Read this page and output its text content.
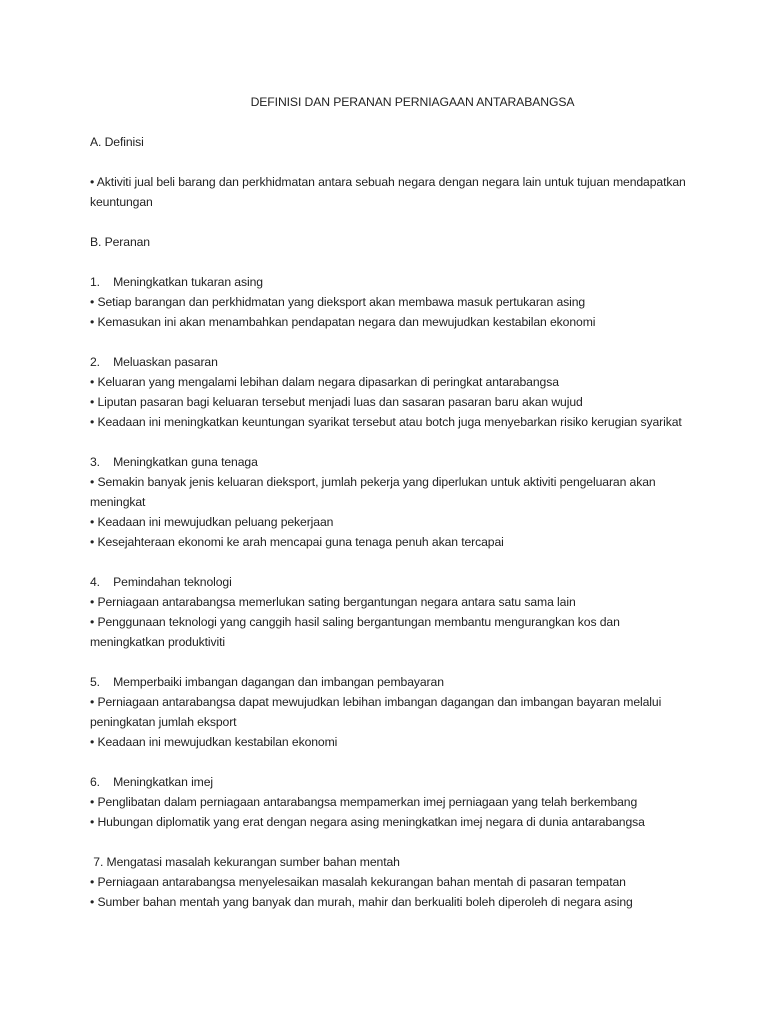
DEFINISI DAN PERANAN PERNIAGAAN ANTARABANGSA
A. Definisi
• Aktiviti jual beli barang dan perkhidmatan antara sebuah negara dengan negara lain untuk tujuan mendapatkan keuntungan
B. Peranan
1.    Meningkatkan tukaran asing
• Setiap barangan dan perkhidmatan yang dieksport akan membawa masuk pertukaran asing
• Kemasukan ini akan menambahkan pendapatan negara dan mewujudkan kestabilan ekonomi
2.    Meluaskan pasaran
• Keluaran yang mengalami lebihan dalam negara dipasarkan di peringkat antarabangsa
• Liputan pasaran bagi keluaran tersebut menjadi luas dan sasaran pasaran baru akan wujud
• Keadaan ini meningkatkan keuntungan syarikat tersebut atau botch juga menyebarkan risiko kerugian syarikat
3.    Meningkatkan guna tenaga
• Semakin banyak jenis keluaran dieksport, jumlah pekerja yang diperlukan untuk aktiviti pengeluaran akan meningkat
• Keadaan ini mewujudkan peluang pekerjaan
• Kesejahteraan ekonomi ke arah mencapai guna tenaga penuh akan tercapai
4.    Pemindahan teknologi
• Perniagaan antarabangsa memerlukan sating bergantungan negara antara satu sama lain
• Penggunaan teknologi yang canggih hasil saling bergantungan membantu mengurangkan kos dan meningkatkan produktiviti
5.    Memperbaiki imbangan dagangan dan imbangan pembayaran
• Perniagaan antarabangsa dapat mewujudkan lebihan imbangan dagangan dan imbangan bayaran melalui peningkatan jumlah eksport
• Keadaan ini mewujudkan kestabilan ekonomi
6.    Meningkatkan imej
• Penglibatan dalam perniagaan antarabangsa mempamerkan imej perniagaan yang telah berkembang
• Hubungan diplomatik yang erat dengan negara asing meningkatkan imej negara di dunia antarabangsa
7. Mengatasi masalah kekurangan sumber bahan mentah
• Perniagaan antarabangsa menyelesaikan masalah kekurangan bahan mentah di pasaran tempatan
• Sumber bahan mentah yang banyak dan murah, mahir dan berkualiti boleh diperoleh di negara asing
